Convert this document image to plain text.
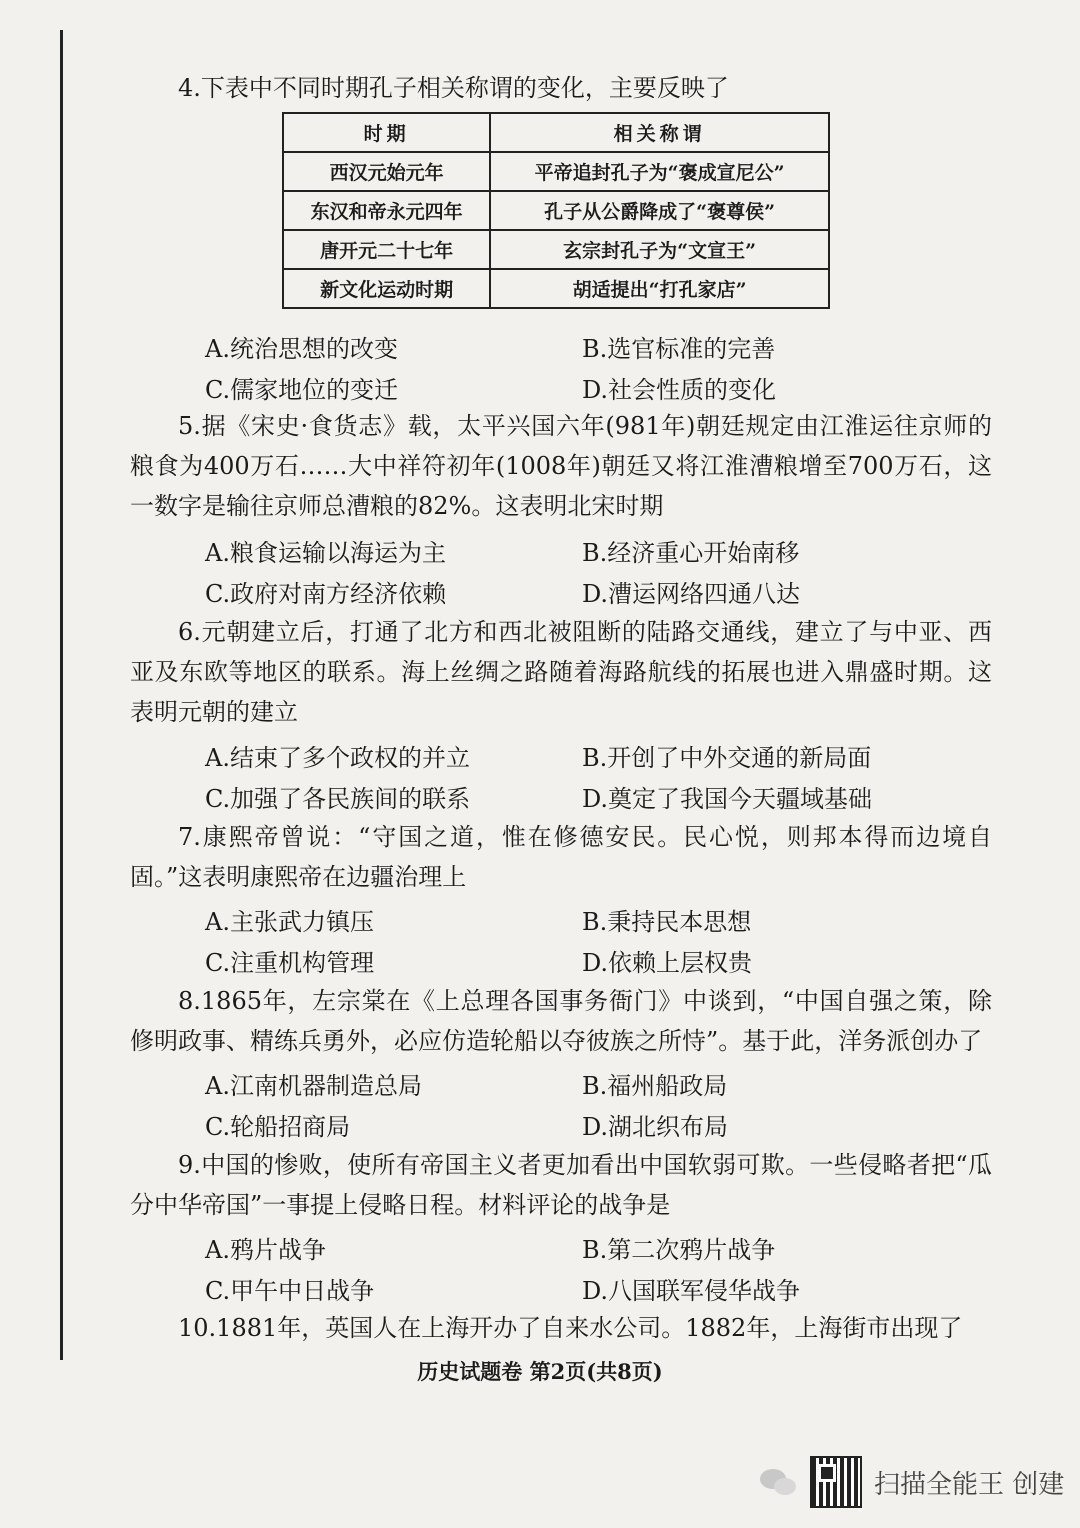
4.下表中不同时期孔子相关称谓的变化，主要反映了

时期	相关称谓
西汉元始元年	平帝追封孔子为“褒成宣尼公”
东汉和帝永元四年	孔子从公爵降成了“褒尊侯”
唐开元二十七年	玄宗封孔子为“文宣王”
新文化运动时期	胡适提出“打孔家店”
A.统治思想的改变	B.选官标准的完善
C.儒家地位的变迁	D.社会性质的变化

5.据《宋史·食货志》载，太平兴国六年(981年)朝廷规定由江淮运往京师的粮食为400万石……大中祥符初年(1008年)朝廷又将江淮漕粮增至700万石，这一数字是输往京师总漕粮的82%。这表明北宋时期

A.粮食运输以海运为主	B.经济重心开始南移
C.政府对南方经济依赖	D.漕运网络四通八达

6.元朝建立后，打通了北方和西北被阻断的陆路交通线，建立了与中亚、西亚及东欧等地区的联系。海上丝绸之路随着海路航线的拓展也进入鼎盛时期。这表明元朝的建立

A.结束了多个政权的并立	B.开创了中外交通的新局面
C.加强了各民族间的联系	D.奠定了我国今天疆域基础

7.康熙帝曾说：“守国之道，惟在修德安民。民心悦，则邦本得而边境自固。”这表明康熙帝在边疆治理上

A.主张武力镇压	B.秉持民本思想
C.注重机构管理	D.依赖上层权贵

8.1865年，左宗棠在《上总理各国事务衙门》中谈到，“中国自强之策，除修明政事、精练兵勇外，必应仿造轮船以夺彼族之所恃”。基于此，洋务派创办了

A.江南机器制造总局	B.福州船政局
C.轮船招商局	D.湖北织布局

9.中国的惨败，使所有帝国主义者更加看出中国软弱可欺。一些侵略者把“瓜分中华帝国”一事提上侵略日程。材料评论的战争是

A.鸦片战争	B.第二次鸦片战争
C.甲午中日战争	D.八国联军侵华战争

10.1881年，英国人在上海开办了自来水公司。1882年，上海街市出现了

历史试题卷 第2页(共8页)
扫描全能王 创建
